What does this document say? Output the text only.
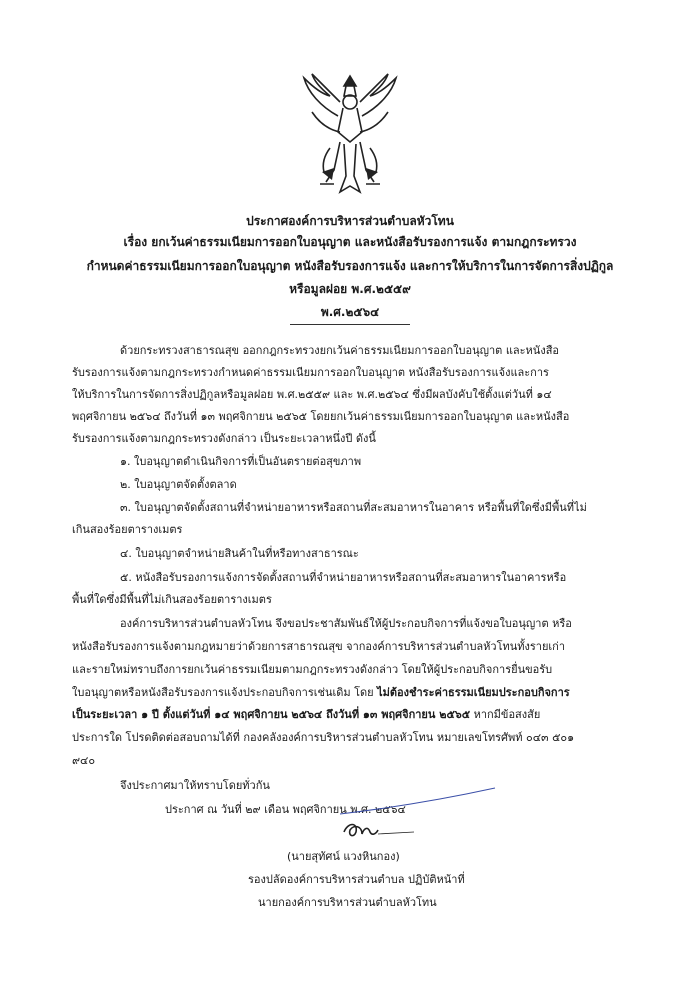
ประกาศองค์การบริหารส่วนตำบลหัวโทน
เรื่อง ยกเว้นค่าธรรมเนียมการออกใบอนุญาต และหนังสือรับรองการแจ้ง ตามกฎกระทรวง
กำหนดค่าธรรมเนียมการออกใบอนุญาต หนังสือรับรองการแจ้ง และการให้บริการในการจัดการสิ่งปฏิกูล
หรือมูลฝอย พ.ศ.๒๕๕๙
พ.ศ.๒๕๖๔
ด้วยกระทรวงสาธารณสุข ออกกฎกระทรวงยกเว้นค่าธรรมเนียมการออกใบอนุญาต และหนังสือ
รับรองการแจ้งตามกฎกระทรวงกำหนดค่าธรรมเนียมการออกใบอนุญาต หนังสือรับรองการแจ้งและการ
ให้บริการในการจัดการสิ่งปฏิกูลหรือมูลฝอย พ.ศ.๒๕๕๙ และ พ.ศ.๒๕๖๔ ซึ่งมีผลบังคับใช้ตั้งแต่วันที่ ๑๔
พฤศจิกายน ๒๕๖๔ ถึงวันที่ ๑๓ พฤศจิกายน ๒๕๖๕ โดยยกเว้นค่าธรรมเนียมการออกใบอนุญาต และหนังสือ
รับรองการแจ้งตามกฎกระทรวงดังกล่าว เป็นระยะเวลาหนึ่งปี ดังนี้
๑. ใบอนุญาตดำเนินกิจการที่เป็นอันตรายต่อสุขภาพ
๒. ใบอนุญาตจัดตั้งตลาด
๓. ใบอนุญาตจัดตั้งสถานที่จำหน่ายอาหารหรือสถานที่สะสมอาหารในอาคาร หรือพื้นที่ใดซึ่งมีพื้นที่ไม่
เกินสองร้อยตารางเมตร
๔. ใบอนุญาตจำหน่ายสินค้าในที่หรือทางสาธารณะ
๕. หนังสือรับรองการแจ้งการจัดตั้งสถานที่จำหน่ายอาหารหรือสถานที่สะสมอาหารในอาคารหรือ
พื้นที่ใดซึ่งมีพื้นที่ไม่เกินสองร้อยตารางเมตร
องค์การบริหารส่วนตำบลหัวโทน จึงขอประชาสัมพันธ์ให้ผู้ประกอบกิจการที่แจ้งขอใบอนุญาต หรือ
หนังสือรับรองการแจ้งตามกฎหมายว่าด้วยการสาธารณสุข จากองค์การบริหารส่วนตำบลหัวโทนทั้งรายเก่า
และรายใหม่ทราบถึงการยกเว้นค่าธรรมเนียมตามกฎกระทรวงดังกล่าว โดยให้ผู้ประกอบกิจการยื่นขอรับ
ใบอนุญาตหรือหนังสือรับรองการแจ้งประกอบกิจการเช่นเดิม โดย ไม่ต้องชำระค่าธรรมเนียมประกอบกิจการ
เป็นระยะเวลา ๑ ปี ตั้งแต่วันที่ ๑๔ พฤศจิกายน ๒๕๖๔ ถึงวันที่ ๑๓ พฤศจิกายน ๒๕๖๕ หากมีข้อสงสัย
ประการใด โปรดติดต่อสอบถามได้ที่ กองคลังองค์การบริหารส่วนตำบลหัวโทน หมายเลขโทรศัพท์ ๐๔๓ ๕๐๑
๙๔๐
จึงประกาศมาให้ทราบโดยทั่วกัน
ประกาศ ณ วันที่ ๒๙ เดือน พฤศจิกายน พ.ศ. ๒๕๖๔
(นายสุทัศน์ แวงหินกอง)
รองปลัดองค์การบริหารส่วนตำบล ปฏิบัติหน้าที่
นายกองค์การบริหารส่วนตำบลหัวโทน
